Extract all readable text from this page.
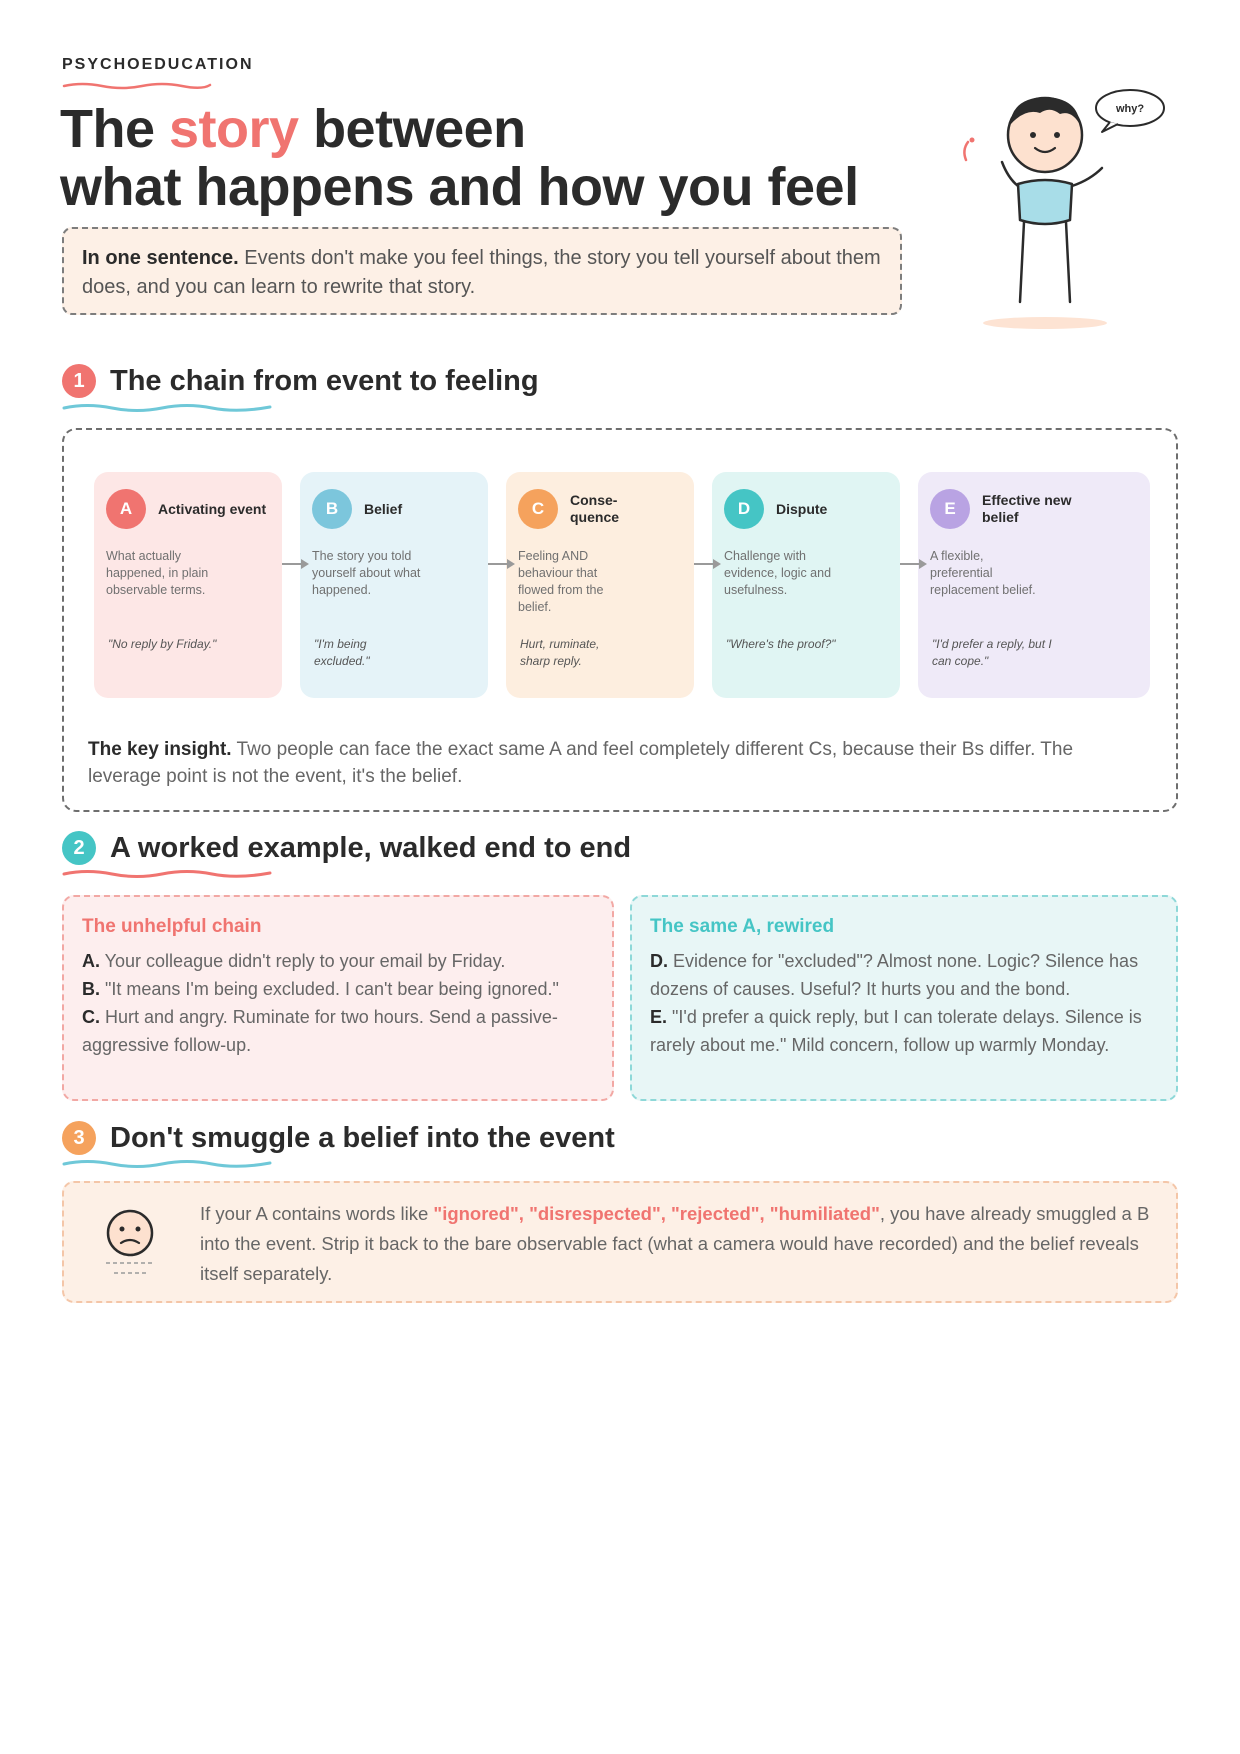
PSYCHOEDUCATION
The story between
what happens and how you feel
In one sentence. Events don't make you feel things, the story you tell yourself about them does, and you can learn to rewrite that story.
why?
1 The chain from event to feeling
A	Activating event
What actually happened, in plain observable terms.
"No reply by Friday."
B	Belief
The story you told yourself about what happened.
"I'm being excluded."
C	Conse-quence
Feeling AND behaviour that flowed from the belief.
Hurt, ruminate, sharp reply.
D	Dispute
Challenge with evidence, logic and usefulness.
"Where's the proof?"
E	Effective new belief
A flexible, preferential replacement belief.
"I'd prefer a reply, but I can cope."
The key insight. Two people can face the exact same A and feel completely different Cs, because their Bs differ. The leverage point is not the event, it's the belief.
2 A worked example, walked end to end
The unhelpful chain
A. Your colleague didn't reply to your email by Friday.
B. "It means I'm being excluded. I can't bear being ignored."
C. Hurt and angry. Ruminate for two hours. Send a passive-aggressive follow-up.
The same A, rewired
D. Evidence for "excluded"? Almost none. Logic? Silence has dozens of causes. Useful? It hurts you and the bond.
E. "I'd prefer a quick reply, but I can tolerate delays. Silence is rarely about me." Mild concern, follow up warmly Monday.
3 Don't smuggle a belief into the event
If your A contains words like "ignored", "disrespected", "rejected", "humiliated", you have already smuggled a B into the event. Strip it back to the bare observable fact (what a camera would have recorded) and the belief reveals itself separately.
